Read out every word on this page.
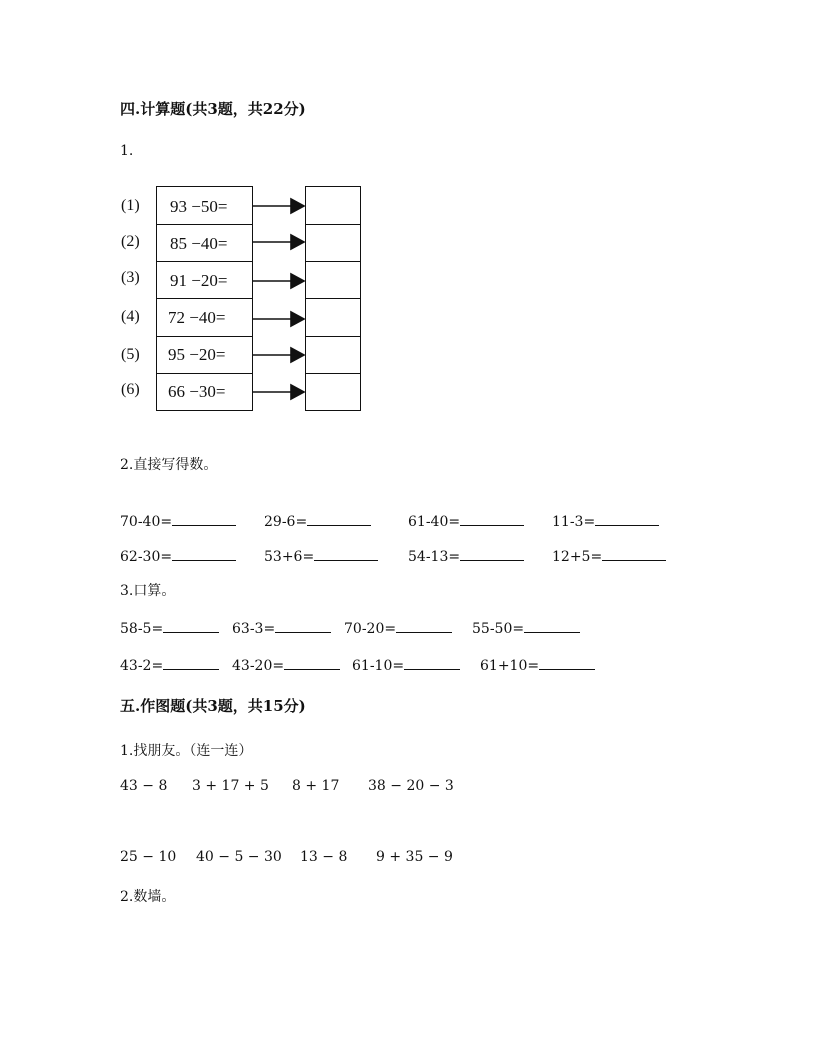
四.计算题(共3题，共22分)
1.
(1)
(2)
(3)
(4)
(5)
(6)
93 −50=
85 −40=
91 −20=
72 −40=
95 −20=
66 −30=
2.直接写得数。
70-40=	29-6=	61-40=	11-3=
62-30=	53+6=	54-13=	12+5=
3.口算。
58-5=	63-3=	70-20=	55-50=
43-2=	43-20=	61-10=	61+10=
五.作图题(共3题，共15分)
1.找朋友。（连一连）
43 − 8 3 + 17 + 5 8 + 17 38 − 20 − 3
25 − 10 40 − 5 − 30 13 − 8 9 + 35 − 9
2.数墙。
